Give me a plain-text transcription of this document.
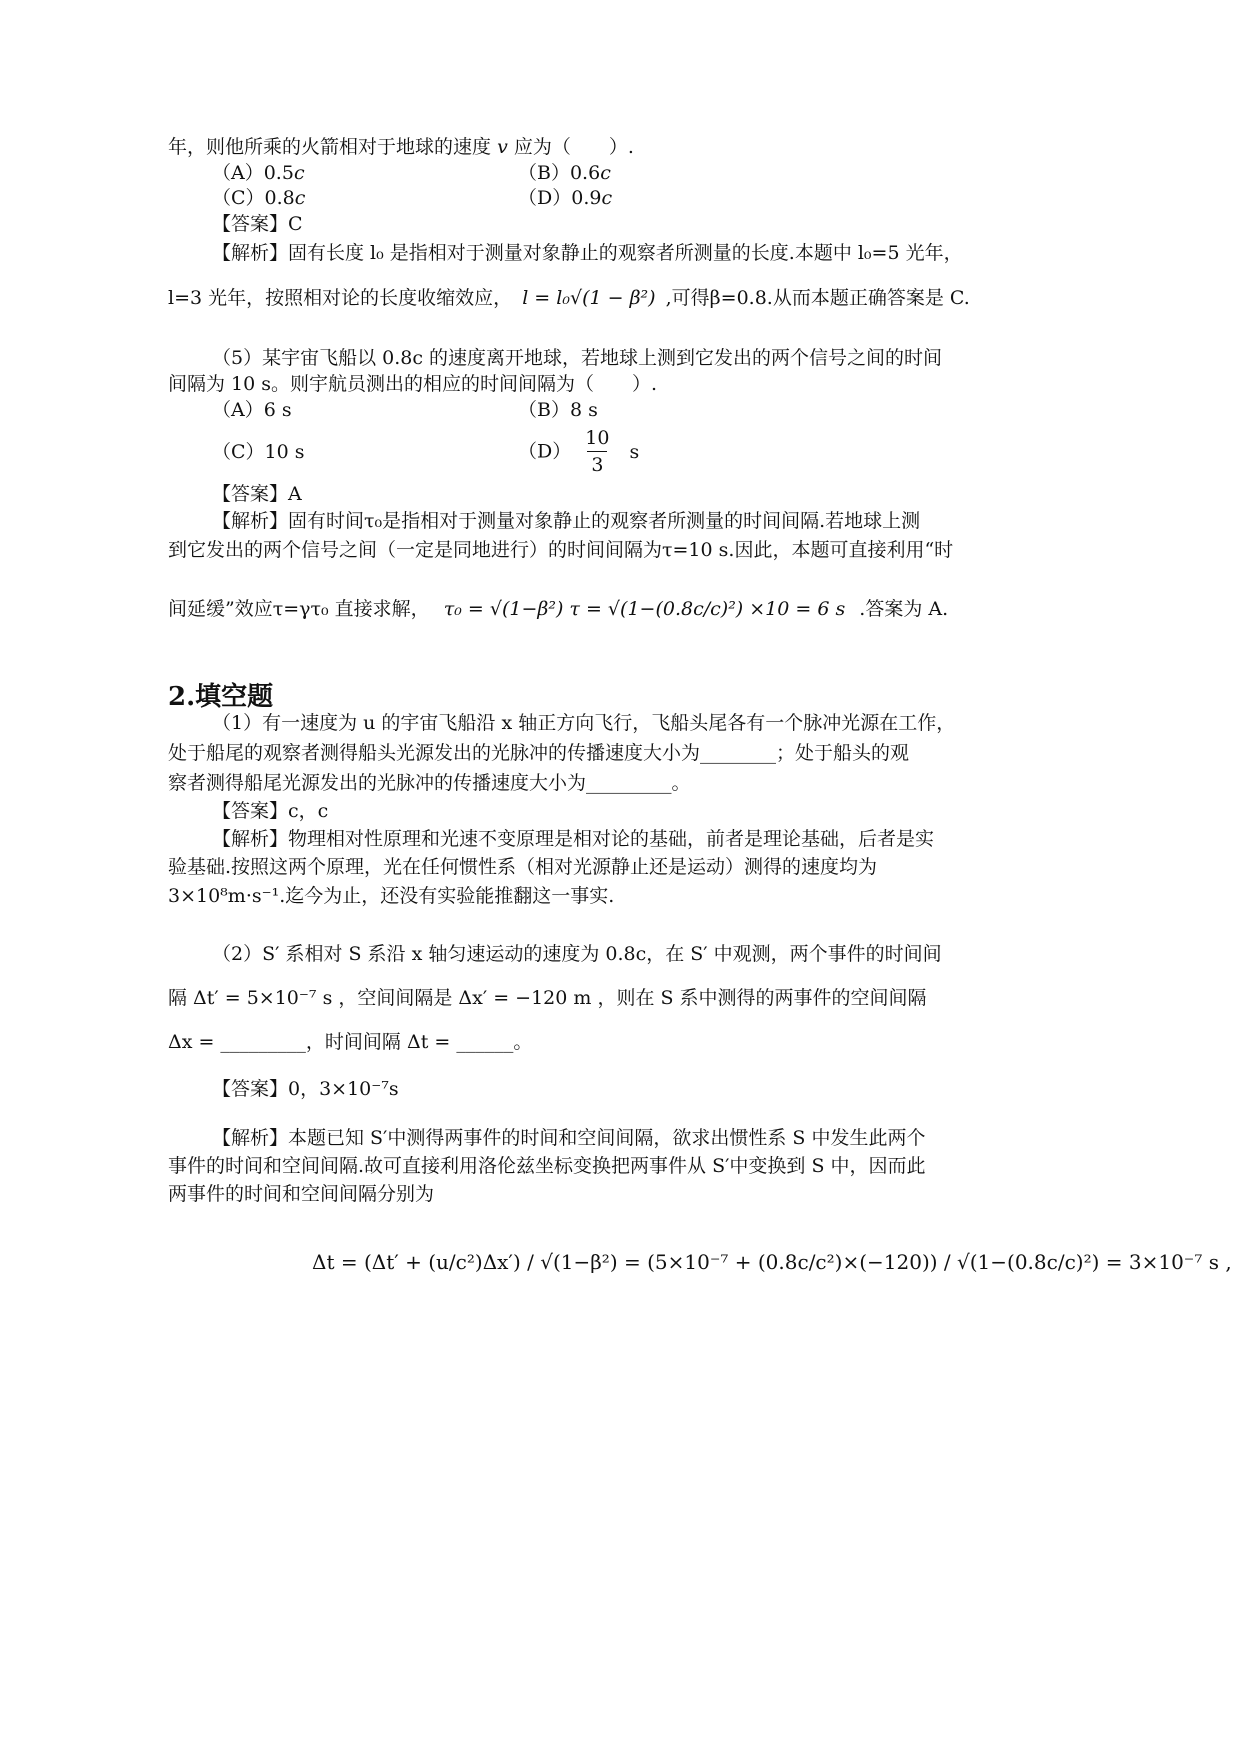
年，则他所乘的火箭相对于地球的速度 v 应为（　　）.
（A）0.5c	（B）0.6c
（C）0.8c	（D）0.9c
【答案】C
【解析】固有长度 l₀ 是指相对于测量对象静止的观察者所测量的长度.本题中 l₀=5 光年，
l=3 光年，按照相对论的长度收缩效应， l = l₀√(1 − β²) ,可得β=0.8.从而本题正确答案是 C.
（5）某宇宙飞船以 0.8c 的速度离开地球，若地球上测到它发出的两个信号之间的时间
间隔为 10 s。则宇航员测出的相应的时间间隔为（　　）.
（A）6 s	（B）8 s
（C）10 s	$(D) \frac{10}{3}$ s
【答案】A
【解析】固有时间τ₀是指相对于测量对象静止的观察者所测量的时间间隔.若地球上测
到它发出的两个信号之间（一定是同地进行）的时间间隔为τ=10 s.因此，本题可直接利用“时
间延缓”效应τ=γτ₀ 直接求解， τ₀ = √(1−β²) τ = √(1−(0.8c/c)²) ×10 = 6 s .答案为 A.
2.填空题
（1）有一速度为 u 的宇宙飞船沿 x 轴正方向飞行，飞船头尾各有一个脉冲光源在工作，
处于船尾的观察者测得船头光源发出的光脉冲的传播速度大小为________；处于船头的观
察者测得船尾光源发出的光脉冲的传播速度大小为_________。
【答案】c，c
【解析】物理相对性原理和光速不变原理是相对论的基础，前者是理论基础，后者是实
验基础.按照这两个原理，光在任何惯性系（相对光源静止还是运动）测得的速度均为
3×10⁸m·s⁻¹.迄今为止，还没有实验能推翻这一事实.
（2）S′ 系相对 S 系沿 x 轴匀速运动的速度为 0.8c，在 S′ 中观测，两个事件的时间间
隔 Δt′ = 5×10⁻⁷ s ，空间间隔是 Δx′ = −120 m ，则在 S 系中测得的两事件的空间间隔
Δx = _________，时间间隔 Δt = ______。
【答案】0，3×10⁻⁷s
【解析】本题已知 S′中测得两事件的时间和空间间隔，欲求出惯性系 S 中发生此两个
事件的时间和空间间隔.故可直接利用洛伦兹坐标变换把两事件从 S′中变换到 S 中，因而此
两事件的时间和空间间隔分别为
Δt = (Δt′ + (u/c²)Δx′) / √(1−β²) = (5×10⁻⁷ + (0.8c/c²)×(−120)) / √(1−(0.8c/c)²) = 3×10⁻⁷ s ,
